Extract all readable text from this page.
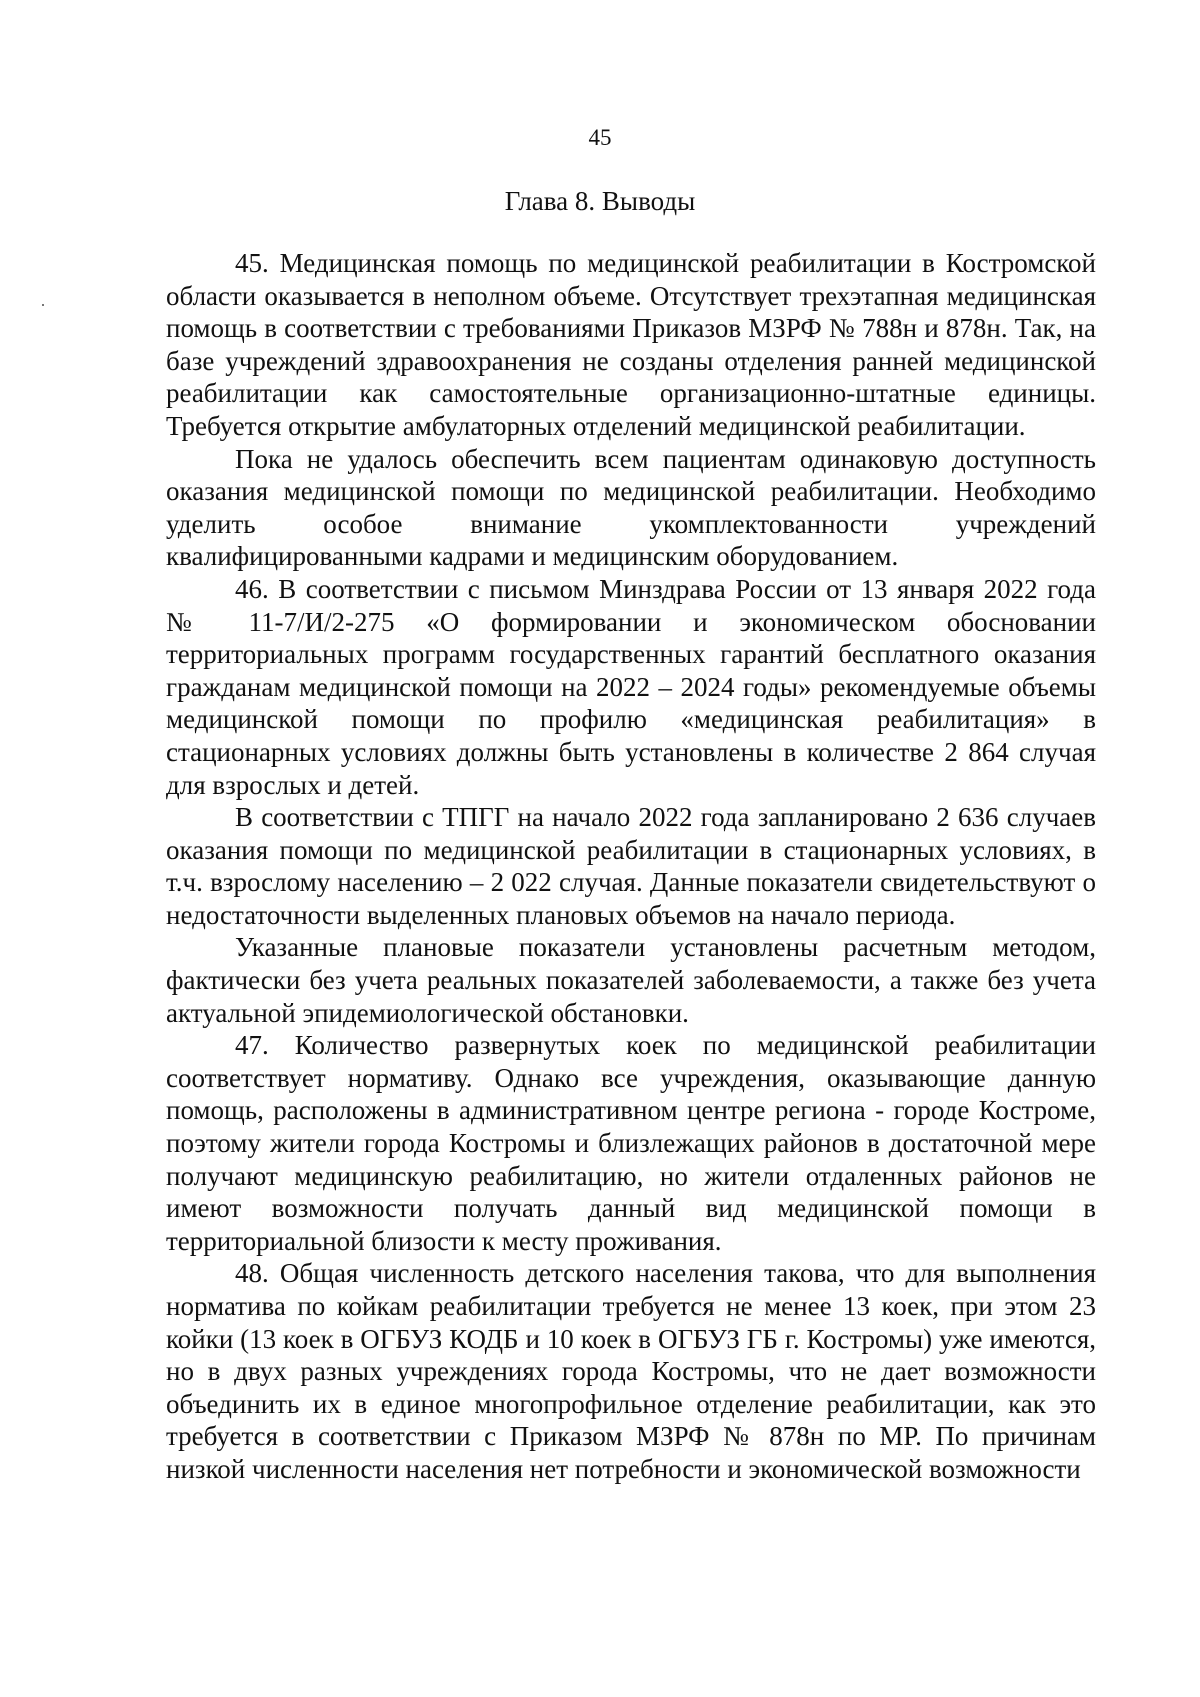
45
Глава 8. Выводы

45. Медицинская помощь по медицинской реабилитации в Костромской области оказывается в неполном объеме. Отсутствует трехэтапная медицинская помощь в соответствии с требованиями Приказов МЗРФ № 788н и 878н. Так, на базе учреждений здравоохранения не созданы отделения ранней медицинской реабилитации как самостоятельные организационно-штатные единицы. Требуется открытие амбулаторных отделений медицинской реабилитации.

Пока не удалось обеспечить всем пациентам одинаковую доступность оказания медицинской помощи по медицинской реабилитации. Необходимо уделить особое внимание укомплектованности учреждений квалифицированными кадрами и медицинским оборудованием.

46. В соответствии с письмом Минздрава России от 13 января 2022 года № 11-7/И/2-275 «О формировании и экономическом обосновании территориальных программ государственных гарантий бесплатного оказания гражданам медицинской помощи на 2022 – 2024 годы» рекомендуемые объемы медицинской помощи по профилю «медицинская реабилитация» в стационарных условиях должны быть установлены в количестве 2 864 случая для взрослых и детей.

В соответствии с ТПГГ на начало 2022 года запланировано 2 636 случаев оказания помощи по медицинской реабилитации в стационарных условиях, в т.ч. взрослому населению – 2 022 случая. Данные показатели свидетельствуют о недостаточности выделенных плановых объемов на начало периода.

Указанные плановые показатели установлены расчетным методом, фактически без учета реальных показателей заболеваемости, а также без учета актуальной эпидемиологической обстановки.

47. Количество развернутых коек по медицинской реабилитации соответствует нормативу. Однако все учреждения, оказывающие данную помощь, расположены в административном центре региона - городе Костроме, поэтому жители города Костромы и близлежащих районов в достаточной мере получают медицинскую реабилитацию, но жители отдаленных районов не имеют возможности получать данный вид медицинской помощи в территориальной близости к месту проживания.

48. Общая численность детского населения такова, что для выполнения норматива по койкам реабилитации требуется не менее 13 коек, при этом 23 койки (13 коек в ОГБУЗ КОДБ и 10 коек в ОГБУЗ ГБ г. Костромы) уже имеются, но в двух разных учреждениях города Костромы, что не дает возможности объединить их в единое многопрофильное отделение реабилитации, как это требуется в соответствии с Приказом МЗРФ № 878н по МР. По причинам низкой численности населения нет потребности и экономической возможности
